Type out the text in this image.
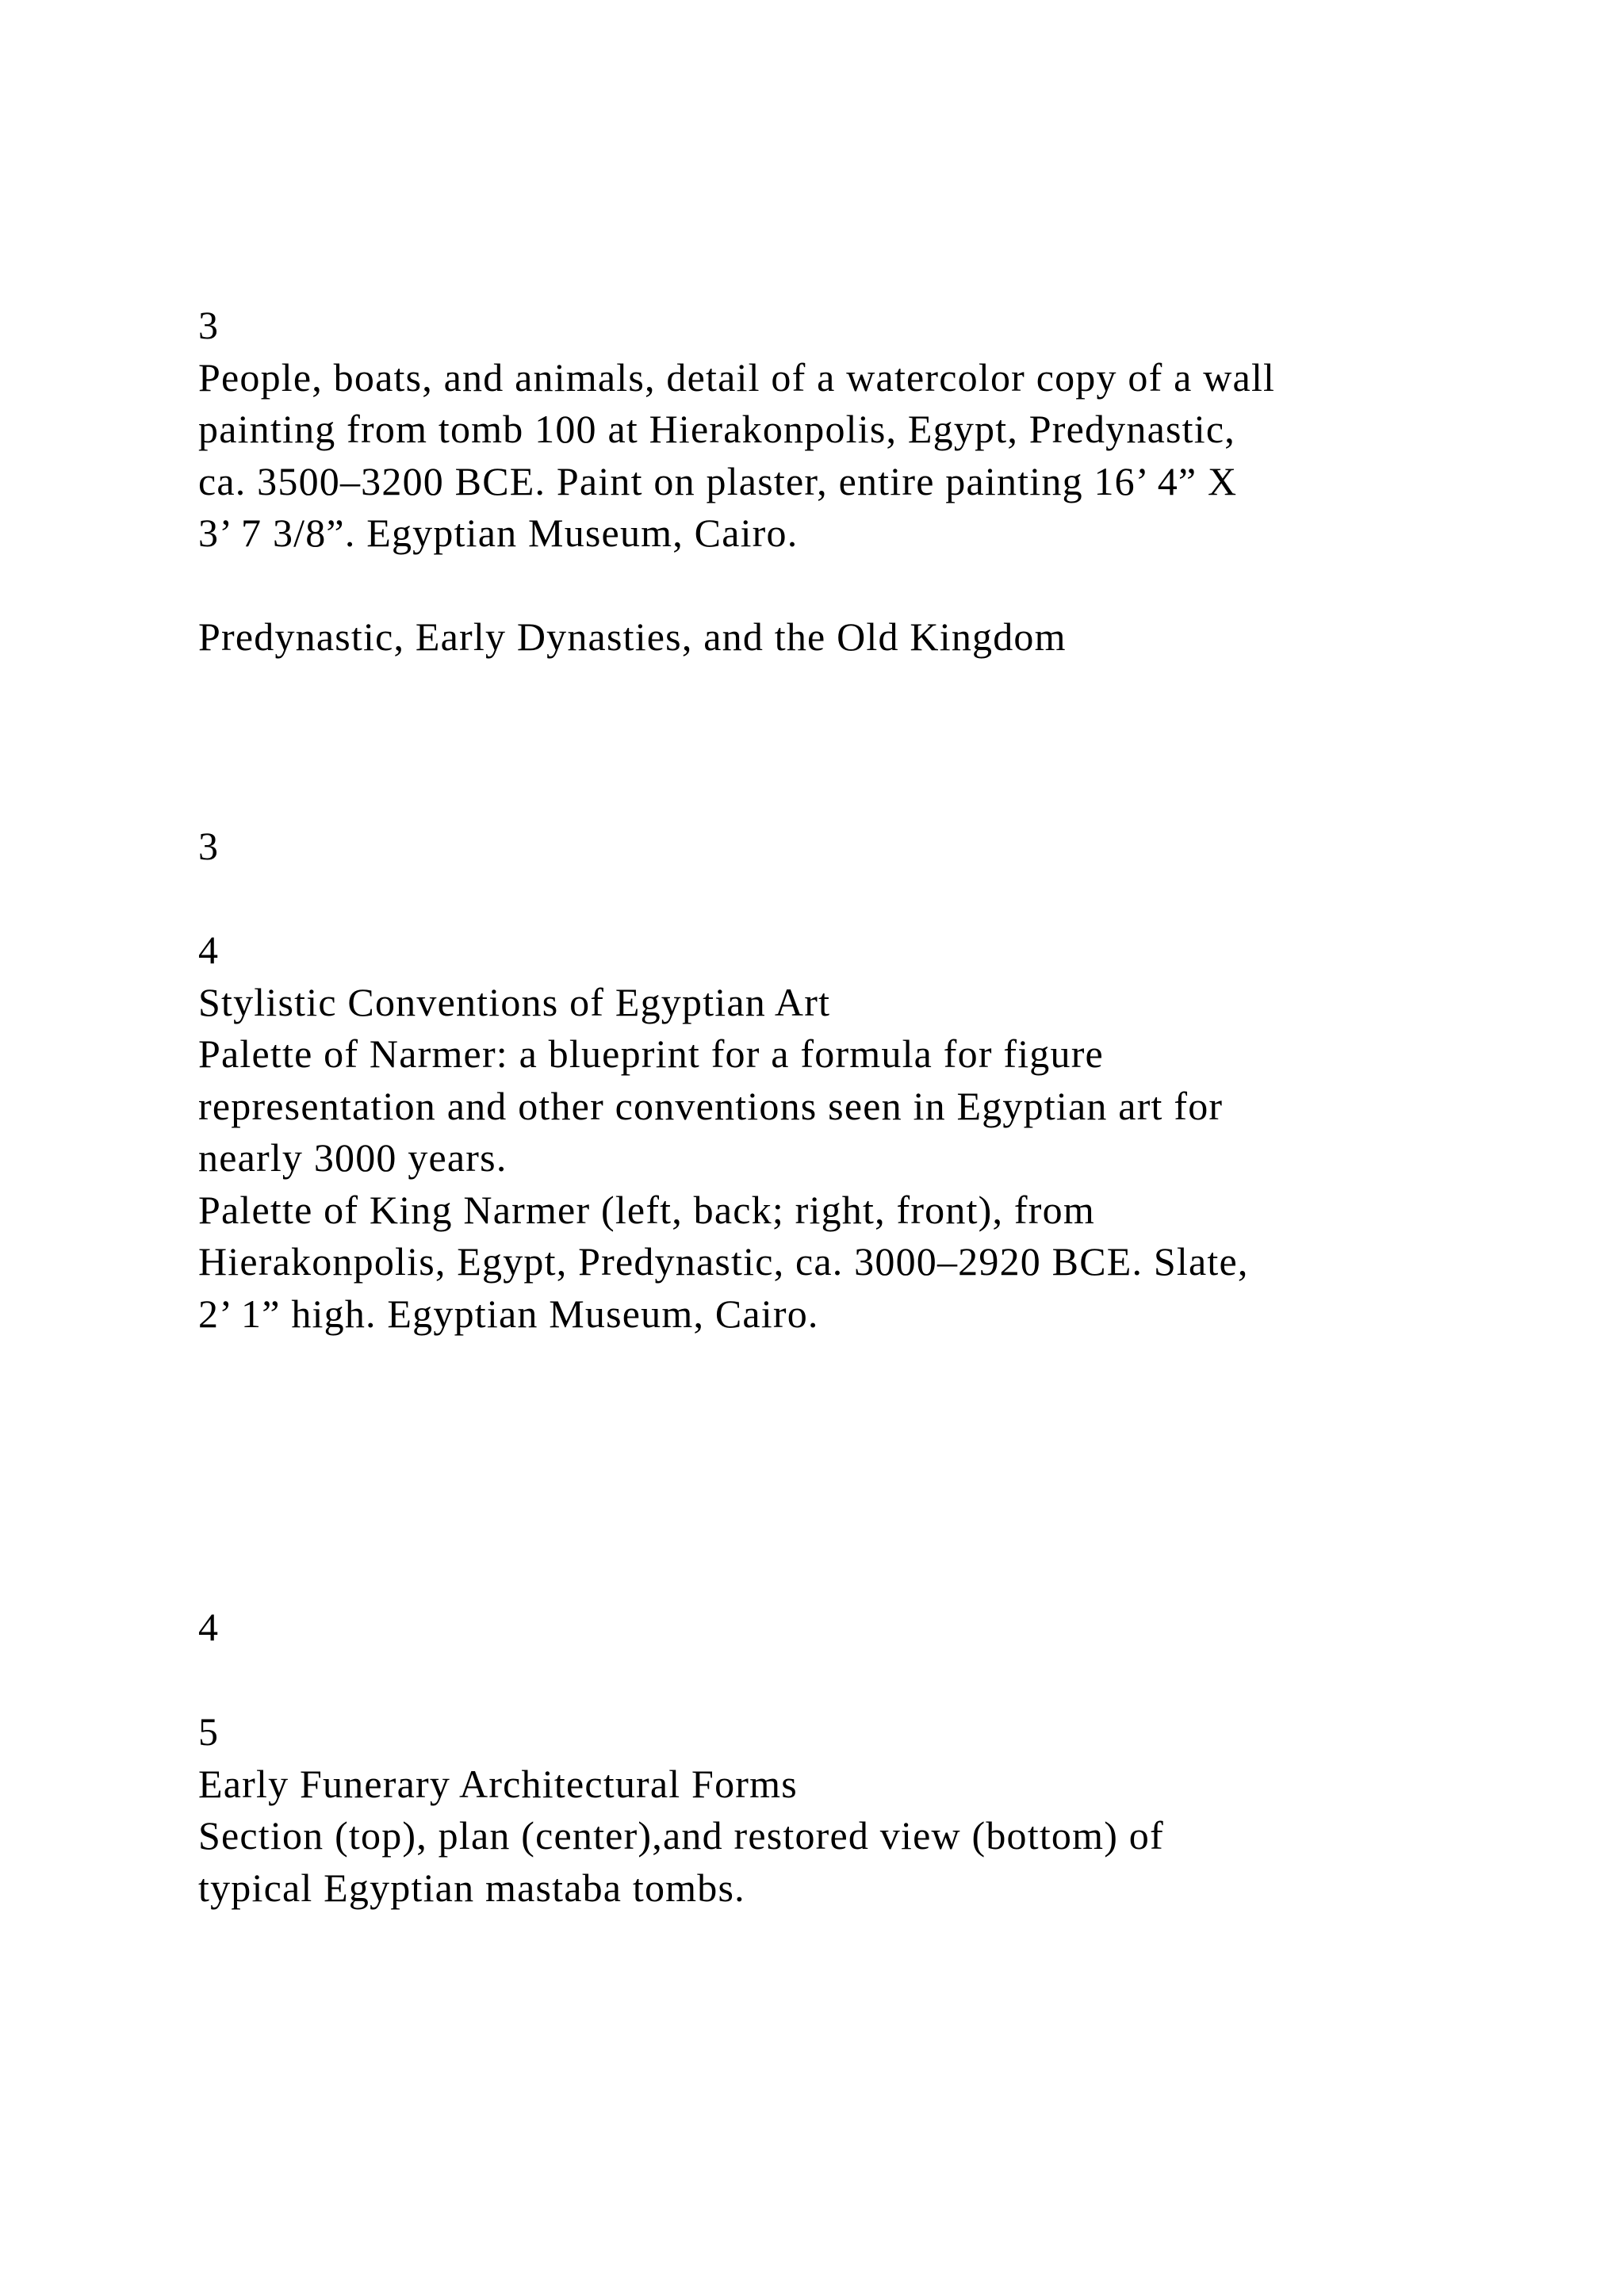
3
People, boats, and animals, detail of a watercolor copy of a wall
painting from tomb 100 at Hierakonpolis, Egypt, Predynastic,
ca. 3500–3200 BCE. Paint on plaster, entire painting 16’ 4” X
3’ 7 3/8”. Egyptian Museum, Cairo.
Predynastic, Early Dynasties, and the Old Kingdom
3
4
Stylistic Conventions of Egyptian Art
Palette of Narmer: a blueprint for a formula for figure
representation and other conventions seen in Egyptian art for
nearly 3000 years.
Palette of King Narmer (left, back; right, front), from
Hierakonpolis, Egypt, Predynastic, ca. 3000–2920 BCE. Slate,
2’ 1” high. Egyptian Museum, Cairo.
4
5
Early Funerary Architectural Forms
Section (top), plan (center),and restored view (bottom) of
typical Egyptian mastaba tombs.
